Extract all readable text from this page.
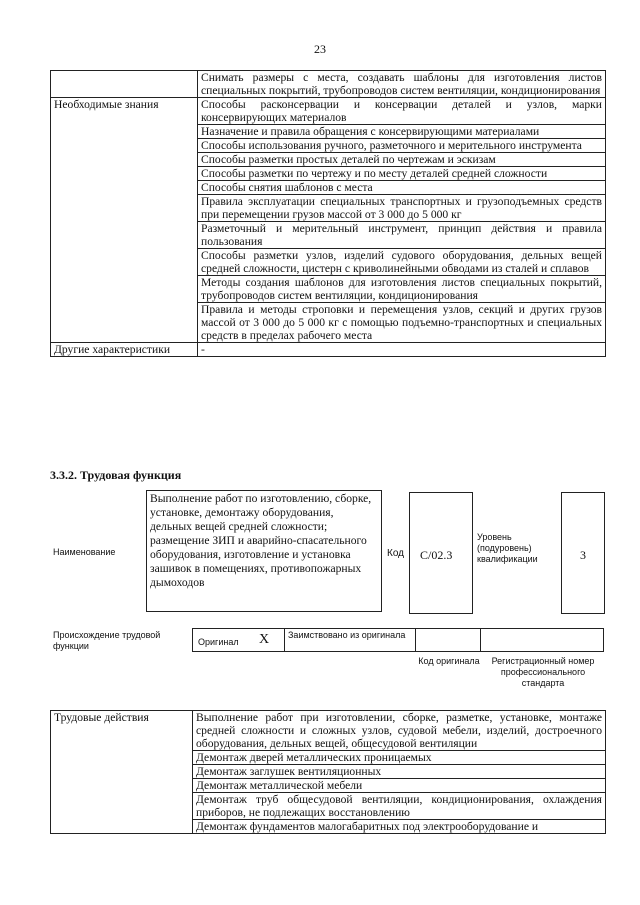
23
	Снимать размеры с места, создавать шаблоны для изготовления листов специальных покрытий, трубопроводов систем вентиляции, кондиционирования
Необходимые знания	Способы расконсервации и консервации деталей и узлов, марки консервирующих материалов
	Назначение и правила обращения с консервирующими материалами
	Способы использования ручного, разметочного и мерительного инструмента
	Способы разметки простых деталей по чертежам и эскизам
	Способы разметки по чертежу и по месту деталей средней сложности
	Способы снятия шаблонов с места
	Правила эксплуатации специальных транспортных и грузоподъемных средств при перемещении грузов массой от 3 000 до 5 000 кг
	Разметочный и мерительный инструмент, принцип действия и правила пользования
	Способы разметки узлов, изделий судового оборудования, дельных вещей средней сложности, цистерн с криволинейными обводами из сталей и сплавов
	Методы создания шаблонов для изготовления листов специальных покрытий, трубопроводов систем вентиляции, кондиционирования
	Правила и методы строповки и перемещения узлов, секций и других грузов массой от 3 000 до 5 000 кг с помощью подъемно-транспортных и специальных средств в пределах рабочего места
Другие характеристики	-
3.3.2. Трудовая функция
Наименование
Выполнение работ по изготовлению, сборке, установке, демонтажу оборудования, дельных вещей средней сложности; размещение ЗИП и аварийно-спасательного оборудования, изготовление и установка зашивок в помещениях, противопожарных дымоходов
Код C/02.3
Уровень (подуровень) квалификации	3
Происхождение трудовой функции	Оригинал X Заимствовано из оригинала
Код оригинала	Регистрационный номер профессионального стандарта
Трудовые действия	Выполнение работ при изготовлении, сборке, разметке, установке, монтаже средней сложности и сложных узлов, судовой мебели, изделий, достроечного оборудования, дельных вещей, общесудовой вентиляции
Демонтаж дверей металлических проницаемых
Демонтаж заглушек вентиляционных
Демонтаж металлической мебели
Демонтаж труб общесудовой вентиляции, кондиционирования, охлаждения приборов, не подлежащих восстановлению
Демонтаж фундаментов малогабаритных под электрооборудование и
